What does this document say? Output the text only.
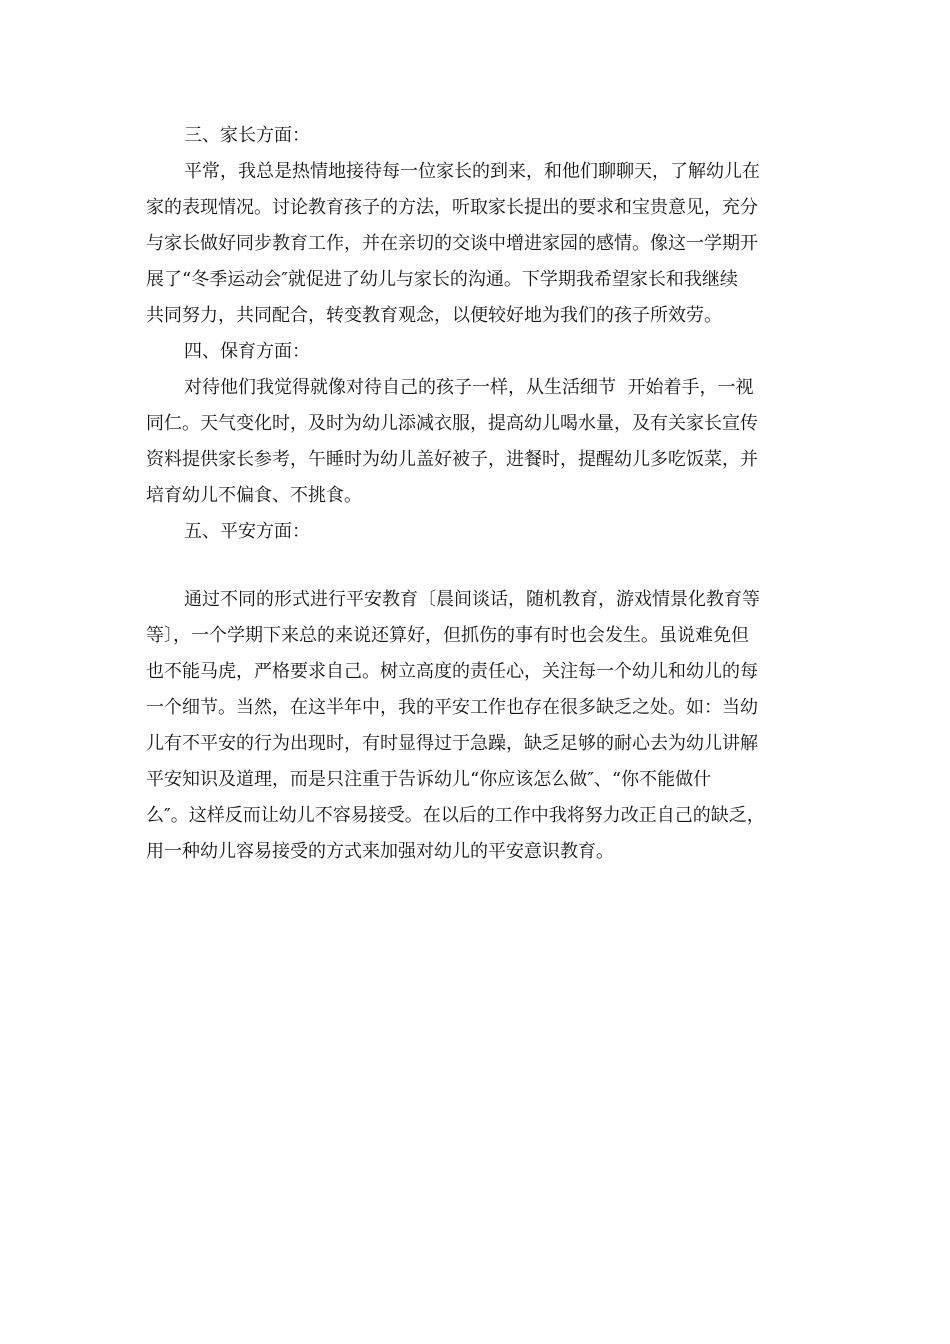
三、家长方面：
平常，我总是热情地接待每一位家长的到来，和他们聊聊天，了解幼儿在
家的表现情况。讨论教育孩子的方法，听取家长提出的要求和宝贵意见，充分
与家长做好同步教育工作，并在亲切的交谈中增进家园的感情。像这一学期开
展了“冬季运动会″就促进了幼儿与家长的沟通。下学期我希望家长和我继续
共同努力，共同配合，转变教育观念，以便较好地为我们的孩子所效劳。
四、保育方面：
对待他们我觉得就像对待自己的孩子一样，从生活细节  开始着手，一视
同仁。天气变化时，及时为幼儿添减衣服，提高幼儿喝水量，及有关家长宣传
资料提供家长参考，午睡时为幼儿盖好被子，进餐时，提醒幼儿多吃饭菜，并
培育幼儿不偏食、不挑食。
五、平安方面：
通过不同的形式进行平安教育〔晨间谈话，随机教育，游戏情景化教育等
等〕，一个学期下来总的来说还算好，但抓伤的事有时也会发生。虽说难免但
也不能马虎，严格要求自己。树立高度的责任心，关注每一个幼儿和幼儿的每
一个细节。当然，在这半年中，我的平安工作也存在很多缺乏之处。如：当幼
儿有不平安的行为出现时，有时显得过于急躁，缺乏足够的耐心去为幼儿讲解
平安知识及道理，而是只注重于告诉幼儿“你应该怎么做″、“你不能做什
么″。这样反而让幼儿不容易接受。在以后的工作中我将努力改正自己的缺乏，
用一种幼儿容易接受的方式来加强对幼儿的平安意识教育。
